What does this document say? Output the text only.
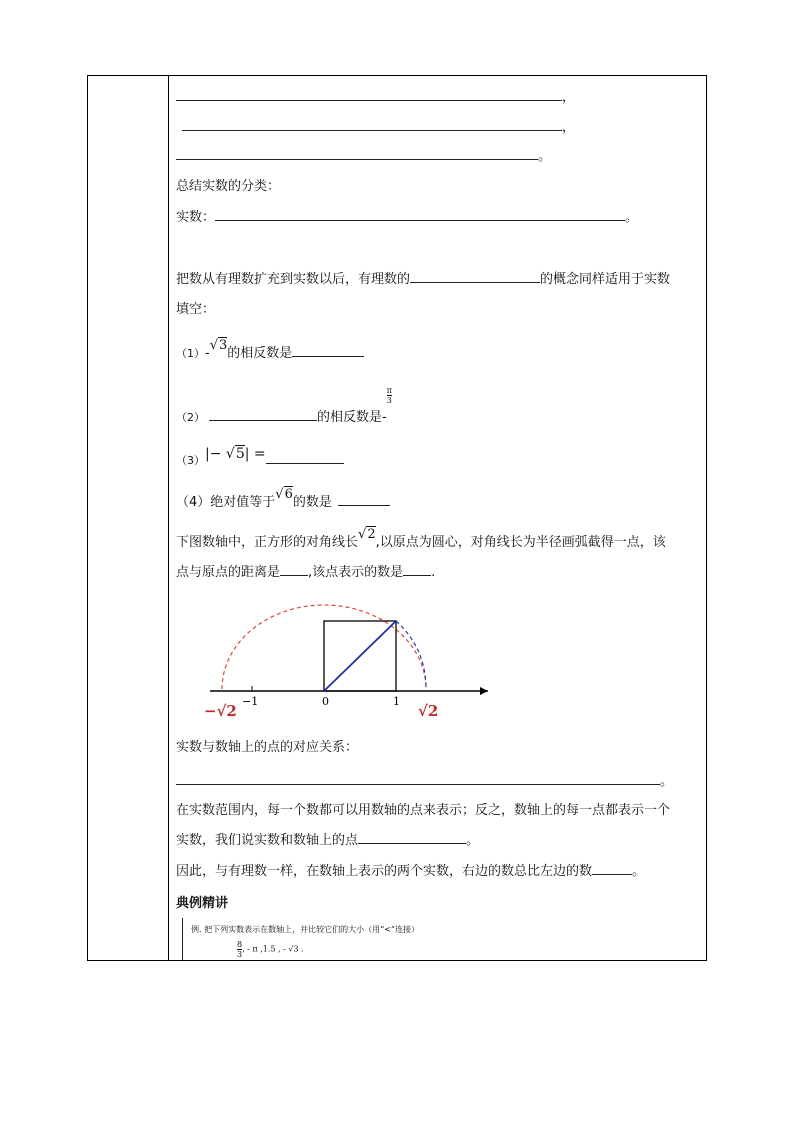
，
，
。
总结实数的分类：
实数：	。
把数从有理数扩充到实数以后，有理数的	的概念同样适用于实数
填空：
（1）-√3的相反数是
（2）	的相反数是-
$\frac{\pi}{3}$
（3）|− √5| =
（4）绝对值等于√6的数是
下图数轴中，正方形的对角线长√2,以原点为圆心，对角线长为半径画弧截得一点，该
点与原点的距离是 ,该点表示的数是 .
−1	0	1
−√2	√2
实数与数轴上的点的对应关系：
。
在实数范围内，每一个数都可以用数轴的点来表示；反之，数轴上的每一点都表示一个
实数，我们说实数和数轴上的点	。
因此，与有理数一样，在数轴上表示的两个实数，右边的数总比左边的数	。
典例精讲
例. 把下列实数表示在数轴上，并比较它们的大小（用“<”连接）
$\frac{8}{3}$ , - π ,1.5 , - √3 .
